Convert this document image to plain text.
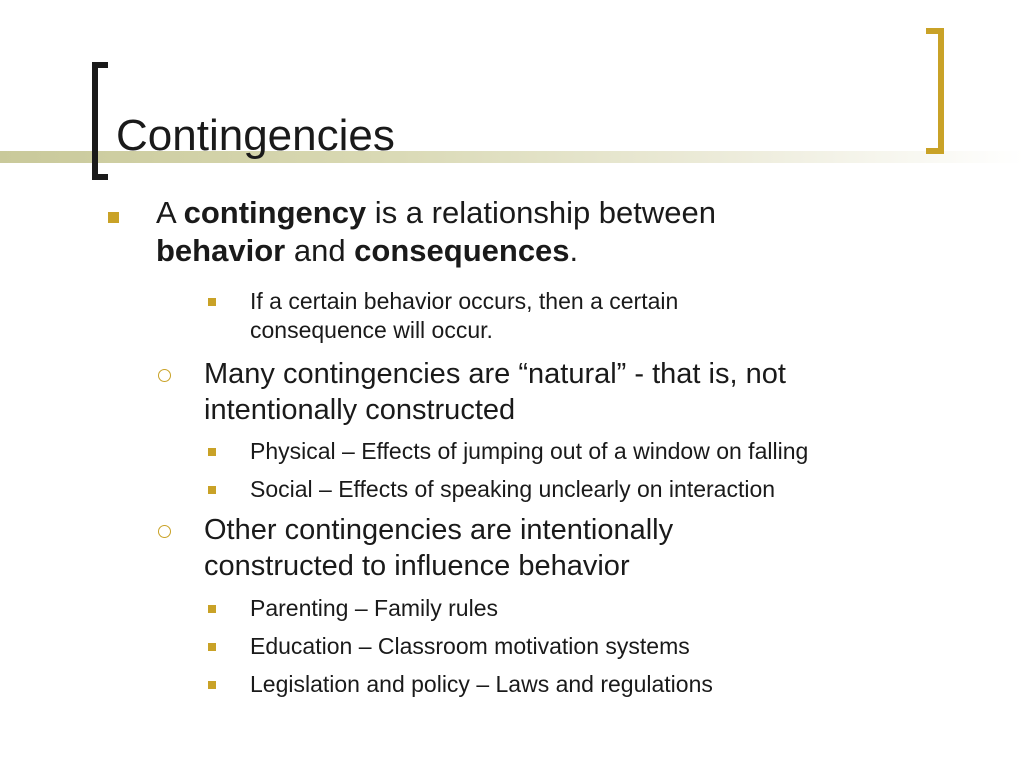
Contingencies

A contingency is a relationship between
behavior and consequences.

If a certain behavior occurs, then a certain consequence will occur.

Many contingencies are “natural” - that is, not intentionally constructed

Physical – Effects of jumping out of a window on falling

Social – Effects of speaking unclearly on interaction

Other contingencies are intentionally constructed to influence behavior

Parenting – Family rules

Education – Classroom motivation systems

Legislation and policy – Laws and regulations
